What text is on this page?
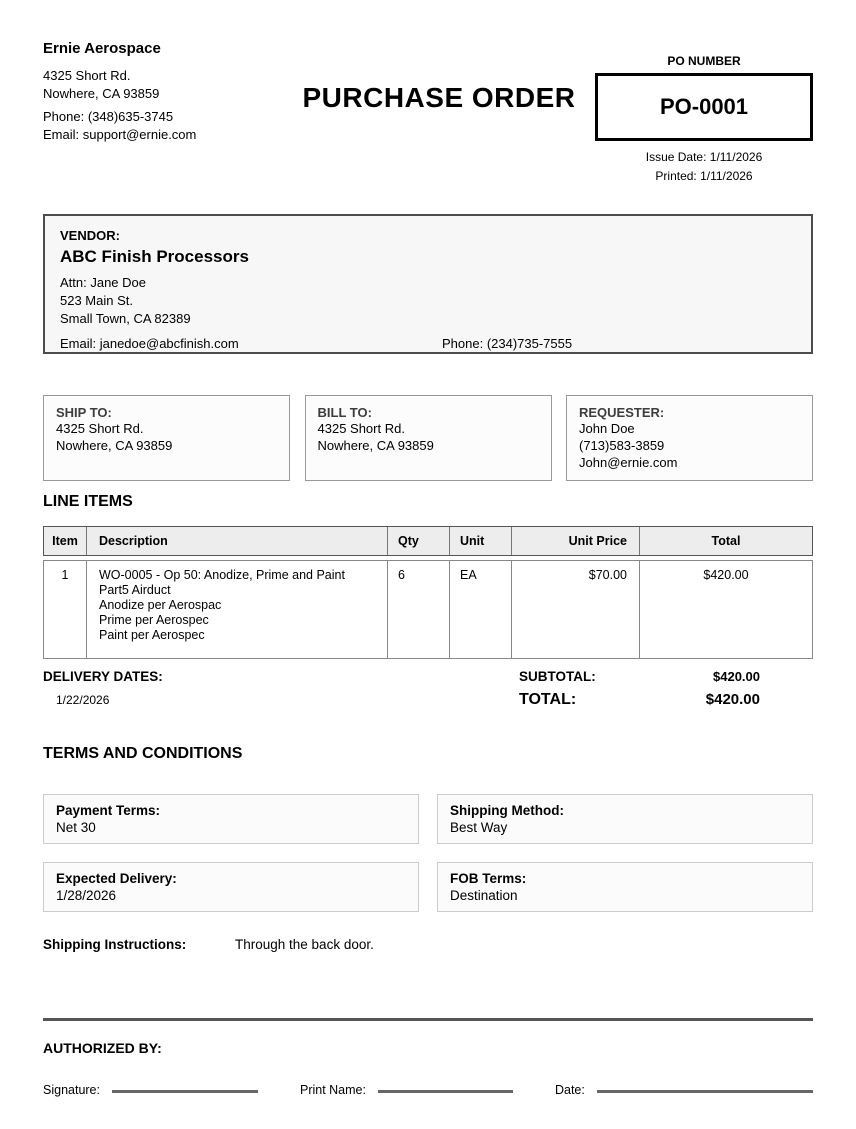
Ernie Aerospace
4325 Short Rd.
Nowhere, CA 93859
Phone: (348)635-3745
Email: support@ernie.com
PURCHASE ORDER
PO NUMBER
PO-0001
Issue Date: 1/11/2026
Printed: 1/11/2026
VENDOR:
ABC Finish Processors
Attn: Jane Doe
523 Main St.
Small Town, CA 82389
Email: janedoe@abcfinish.com	Phone: (234)735-7555
SHIP TO:
4325 Short Rd.
Nowhere, CA 93859
BILL TO:
4325 Short Rd.
Nowhere, CA 93859
REQUESTER:
John Doe
(713)583-3859
John@ernie.com
LINE ITEMS
Item	Description	Qty	Unit	Unit Price	Total
1	WO-0005 - Op 50: Anodize, Prime and Paint
Part5 Airduct
Anodize per Aerospac
Prime per Aerospec
Paint per Aerospec
6	EA	$70.00	$420.00
DELIVERY DATES:
1/22/2026
SUBTOTAL:	$420.00
TOTAL:	$420.00
TERMS AND CONDITIONS
Payment Terms:
Net 30
Shipping Method:
Best Way
Expected Delivery:
1/28/2026
FOB Terms:
Destination
Shipping Instructions:	Through the back door.
AUTHORIZED BY:
Signature:	Print Name:	Date:
